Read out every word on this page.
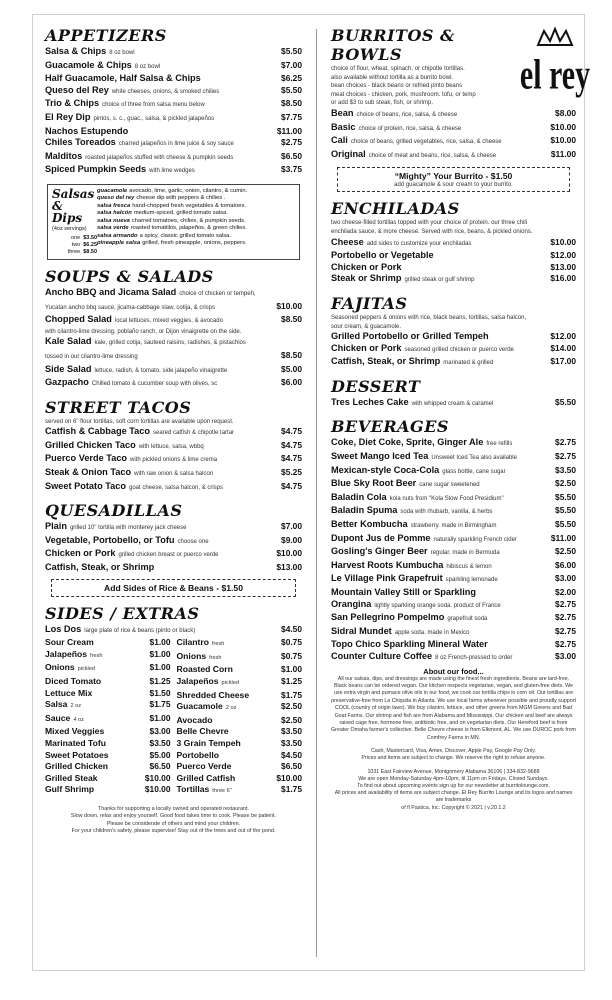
APPETIZERS
Salsa & Chips 8 oz bowl	$5.50
Guacamole & Chips 8 oz bowl	$7.00
Half Guacamole, Half Salsa & Chips	$6.25
Queso del Rey white cheeses, onions, & smoked chilies	$5.50
Trio & Chips choice of three from salsa menu below	$8.50
El Rey Dip pintos, s. c., guac., salsa, & pickled jalapeños	$7.75
Nachos Estupendo	$11.00
Chiles Toreados charred jalapeños in lime juice & soy sauce	$2.75
Malditos roasted jalapeños stuffed with cheese & pumpkin seeds	$6.50
Spiced Pumpkin Seeds with lime wedges	$3.75
Salsas
& Dips
(4oz servings)
one $3.50
two $6.25
three $8.50
guacamole avocado, lime, garlic, onion, cilantro, & cumin.
queso del rey cheese dip with peppers & chilies .
salsa fresca hand-chopped fresh vegetables & tomatoes.
salsa halcón medium-spiced, grilled tomato salsa.
salsa nueva charred tomatoes, chilies, & pumpkin seeds.
salsa verde roasted tomatillos, jalapeños, & green chilies.
salsa armando a spicy, classic grilled tomato salsa.
pineapple salsa grilled, fresh pineapple, onions, peppers.
SOUPS & SALADS
Ancho BBQ and Jicama Salad choice of chicken or tempeh,
Yucatan ancho bbq sauce, jicama-cabbage slaw, cotija, & crisps	$10.00
Chopped Salad local lettuces, mixed veggies, & avocado	$8.50
with cilantro-lime dressing, poblaño ranch, or Dijon vinaigrette on the side.
Kale Salad kale, grilled cotija, sauteed raisins, radishes, & pistachios
tossed in our cilantro-lime dressing	$8.50
Side Salad lettuce, radish, & tomato. side jalapeño vinaigrette	$5.00
Gazpacho Chilled tomato & cucumber soup with olives, sc	$6.00
STREET TACOS
served on 6" flour tortillas, soft corn tortillas are available upon request.
Catfish & Cabbage Taco seared catfish & chipotle tartar	$4.75
Grilled Chicken Taco with lettuce, salsa, wbbq	$4.75
Puerco Verde Taco with pickled onions & lime crema	$4.75
Steak & Onion Taco with raw onion & salsa halcon	$5.25
Sweet Potato Taco goat cheese, salsa halcon, & crisps	$4.75
QUESADILLAS
Plain grilled 10" tortilla with monterey jack cheese	$7.00
Vegetable, Portobello, or Tofu choose one	$9.00
Chicken or Pork grilled chicken breast or puerco verde	$10.00
Catfish, Steak, or Shrimp	$13.00
Add Sides of Rice & Beans - $1.50
SIDES / EXTRAS
Los Dos large plate of rice & beans (pinto or black)	$4.50
Sour Cream	$1.00
Jalapeños fresh	$1.00
Onions pickled	$1.00
Diced Tomato	$1.25
Lettuce Mix	$1.50
Salsa 2 oz	$1.75
Sauce 4 oz	$1.00
Mixed Veggies	$3.00
Marinated Tofu	$3.50
Sweet Potatoes	$5.00
Grilled Chicken	$6.50
Grilled Steak	$10.00
Gulf Shrimp	$10.00
Cilantro fresh	$0.75
Onions fresh	$0.75
Roasted Corn	$1.00
Jalapeños pickled	$1.25
Shredded Cheese	$1.75
Guacamole 2 oz	$2.50
Avocado	$2.50
Belle Chevre	$3.50
3 Grain Tempeh	$3.50
Portobello	$4.50
Puerco Verde	$6.50
Grilled Catfish	$10.00
Tortillas three 6"	$1.75
Thanks for supporting a locally owned and operated restaurant.
Slow down, relax and enjoy yourself. Good food takes time to cook. Please be patient.
Please be considerate of others and mind your children.
For your children's safety, please supervise! Stay out of the trees and out of the pond.
el rey
BURRITOS &
BOWLS
choice of flour, wheat, spinach, or chipotle tortillas.
also available without tortilla as a burrito bowl.
bean choices - black beans or refried pinto beans
meat choices - chicken, pork, mushroom. tofu, or temp
or add $3 to sub steak, fish, or shrimp.
Bean choice of beans, rice, salsa, & cheese	$8.00
Basic choice of protein, rice, salsa, & cheese	$10.00
Cali choice of beans, grilled vegetables, rice, salsa, & cheese	$10.00
Original choice of meat and beans, rice, salsa, & cheese	$11.00
“Mighty” Your Burrito - $1.50
add guacamole & sour cream to your burrito.
ENCHILADAS
two cheese-filled tortillas topped with your choice of protein. our three chili
enchilada sauce, & more cheese. Served with rice, beans, & pickled onions.
Cheese add sides to customize your enchiladas	$10.00
Portobello or Vegetable	$12.00
Chicken or Pork	$13.00
Steak or Shrimp grilled steak or gulf shrimp	$16.00
FAJITAS
Seasoned peppers & onions with rice, black beans, tortillas, salsa halcon,
sour cream, & guacamole.
Grilled Portobello or Grilled Tempeh	$12.00
Chicken or Pork seasoned grilled chicken or puerco verde	$14.00
Catfish, Steak, or Shrimp marinated & grilled	$17.00
DESSERT
Tres Leches Cake with whipped cream & caramel	$5.50
BEVERAGES
Coke, Diet Coke, Sprite, Ginger Ale free refills	$2.75
Sweet Mango Iced Tea Unsweet Iced Tea also available	$2.75
Mexican-style Coca-Cola glass bottle, cane sugar	$3.50
Blue Sky Root Beer cane sugar sweetened	$2.50
Baladin Cola kola nuts from "Kola Slow Food Presidium"	$5.50
Baladin Spuma soda with rhubarb, vanilla, & herbs	$5.50
Better Kombucha strawberry. made in Birmingham	$5.50
Dupont Jus de Pomme naturally sparkling French cider	$11.00
Gosling's Ginger Beer regular. made in Bermuda	$2.50
Harvest Roots Kumbucha hibiscus & lemon	$6.00
Le Village Pink Grapefruit sparkling lemonade	$3.00
Mountain Valley Still or Sparkling	$2.00
Orangina lightly sparkling orange soda. product of France	$2.75
San Pellegrino Pompelmo grapefruit soda	$2.75
Sidral Mundet apple soda. made in Mexico	$2.75
Topo Chico Sparkling Mineral Water	$2.75
Counter Culture Coffee 8 oz French-pressed to order	$3.00
About our food...
All our salsas, dips, and dressings are made using the finest fresh ingredients. Beans are lard-free. Black beans can be ordered vegan. Our kitchen respects vegetarian, vegan, and gluten-free diets. We use extra virgin and pumace olive oils in our food; we cook our tortilla chips in corn oil. Our tortillas are preservative-free from La Chiquita in Atlanta. We use local farms whenever possible and proudly support COOL (country of origin laws). We buy cilantro, lettuce, and other greens from MGM Greens and Bad Goat Farms. Our shrimp and fish are from Alabama and Mississippi. Our chicken and beef are always raised cage free, hormone free, antibiotic free, and on vegetarian diets. Our Hereford beef is from Greater Omaha farmer's collective. Belle Chevre cheese is from Elkmont, AL. We use DUROC pork from Comfrey Farms in MN.
Cash, Mastercard, Visa, Amex, Discover, Apple Pay, Google Pay Only.
Prices and items are subject to change. We reserve the right to refuse anyone.
1031 East Fairview Avenue, Montgomery Alabama 36106 | 334-832-9688
We are open Monday-Saturday 4pm-10pm, til 11pm on Fridays. Closed Sundays.
To find out about upcoming events sign up for our newsletter at burritolounge.com.
All prices and availability of items are subject change. El Rey Burrito Lounge and its logos and names are trademarks
of fl Pastica, Inc. Copyright © 2021 | v.20.1.2
